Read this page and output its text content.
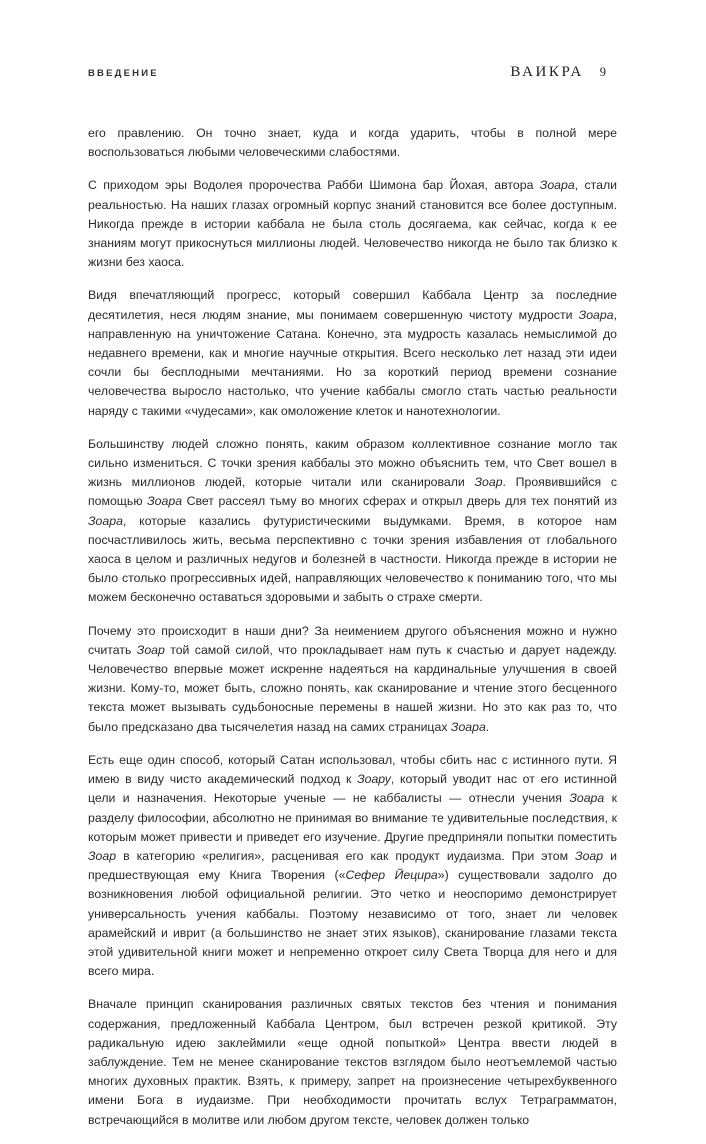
ВВЕДЕНИЕ	ВАИКРА 9

его правлению. Он точно знает, куда и когда ударить, чтобы в полной мере воспользоваться любыми человеческими слабостями.

С приходом эры Водолея пророчества Рабби Шимона бар Йохая, автора Зоара, стали реальностью. На наших глазах огромный корпус знаний становится все более доступным. Никогда прежде в истории каббала не была столь досягаема, как сейчас, когда к ее знаниям могут прикоснуться миллионы людей. Человечество никогда не было так близко к жизни без хаоса.

Видя впечатляющий прогресс, который совершил Каббала Центр за последние десятилетия, неся людям знание, мы понимаем совершенную чистоту мудрости Зоара, направленную на уничтожение Сатана. Конечно, эта мудрость казалась немыслимой до недавнего времени, как и многие научные открытия. Всего несколько лет назад эти идеи сочли бы бесплодными мечтаниями. Но за короткий период времени сознание человечества выросло настолько, что учение каббалы смогло стать частью реальности наряду с такими «чудесами», как омоложение клеток и нанотехнологии.

Большинству людей сложно понять, каким образом коллективное сознание могло так сильно измениться. С точки зрения каббалы это можно объяснить тем, что Свет вошел в жизнь миллионов людей, которые читали или сканировали Зоар. Проявившийся с помощью Зоара Свет рассеял тьму во многих сферах и открыл дверь для тех понятий из Зоара, которые казались футуристическими выдумками. Время, в которое нам посчастливилось жить, весьма перспективно с точки зрения избавления от глобального хаоса в целом и различных недугов и болезней в частности. Никогда прежде в истории не было столько прогрессивных идей, направляющих человечество к пониманию того, что мы можем бесконечно оставаться здоровыми и забыть о страхе смерти.

Почему это происходит в наши дни? За неимением другого объяснения можно и нужно считать Зоар той самой силой, что прокладывает нам путь к счастью и дарует надежду. Человечество впервые может искренне надеяться на кардинальные улучшения в своей жизни. Кому-то, может быть, сложно понять, как сканирование и чтение этого бесценного текста может вызывать судьбоносные перемены в нашей жизни. Но это как раз то, что было предсказано два тысячелетия назад на самих страницах Зоара.

Есть еще один способ, который Сатан использовал, чтобы сбить нас с истинного пути. Я имею в виду чисто академический подход к Зоару, который уводит нас от его истинной цели и назначения. Некоторые ученые — не каббалисты — отнесли учения Зоара к разделу философии, абсолютно не принимая во внимание те удивительные последствия, к которым может привести и приведет его изучение. Другие предприняли попытки поместить Зоар в категорию «религия», расценивая его как продукт иудаизма. При этом Зоар и предшествующая ему Книга Творения («Сефер Йецира») существовали задолго до возникновения любой официальной религии. Это четко и неоспоримо демонстрирует универсальность учения каббалы. Поэтому независимо от того, знает ли человек арамейский и иврит (а большинство не знает этих языков), сканирование глазами текста этой удивительной книги может и непременно откроет силу Света Творца для него и для всего мира.

Вначале принцип сканирования различных святых текстов без чтения и понимания содержания, предложенный Каббала Центром, был встречен резкой критикой. Эту радикальную идею заклеймили «еще одной попыткой» Центра ввести людей в заблуждение. Тем не менее сканирование текстов взглядом было неотъемлемой частью многих духовных практик. Взять, к примеру, запрет на произнесение четырехбуквенного имени Бога в иудаизме. При необходимости прочитать вслух Тетраграмматон, встречающийся в молитве или любом другом тексте, человек должен только
